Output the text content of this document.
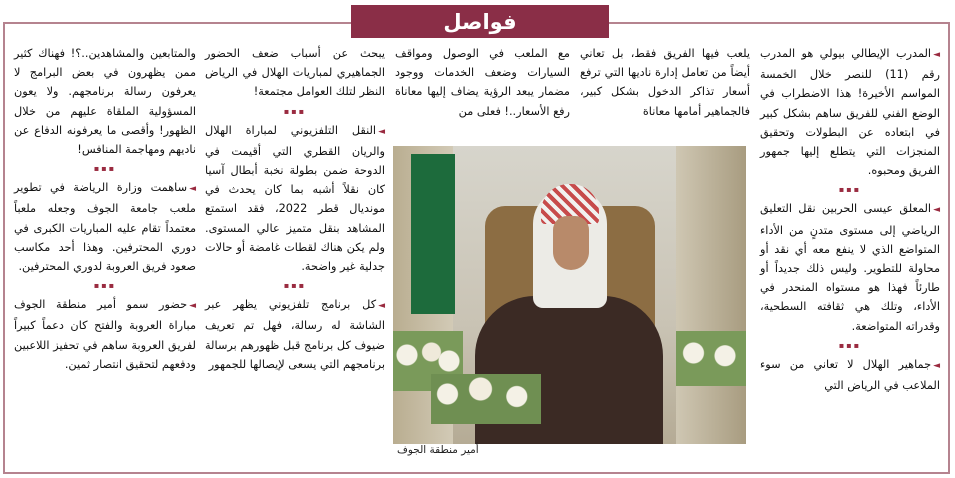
فواصل

◄المدرب الإيطالي بيولي هو المدرب رقم (11) للنصر خلال الخمسة المواسم الأخيرة! هذا الاضطراب في الوضع الفني للفريق ساهم بشكل كبير في ابتعاده عن البطولات وتحقيق المنجزات التي يتطلع إليها جمهور الفريق ومحبوه.

▪▪▪

◄المعلق عيسى الحربين نقل التعليق الرياضي إلى مستوى متدنٍ من الأداء المتواضع الذي لا ينفع معه أي نقد أو محاولة للتطوير. وليس ذلك جديداً أو طارئاً فهذا هو مستواه المنحدر في الأداء، وتلك هي ثقافته السطحية، وقدراته المتواضعة.

▪▪▪

◄جماهير الهلال لا تعاني من سوء الملاعب في الرياض التي

يلعب فيها الفريق فقط، بل تعاني أيضاً من تعامل إدارة ناديها التي ترفع أسعار تذاكر الدخول بشكل كبير، فالجماهير أمامها معاناة

مع الملعب في الوصول ومواقف السيارات وضعف الخدمات ووجود مضمار يبعد الرؤية يضاف إليها معاناة رفع الأسعار..! فعلى من

أمير منطقة الجوف

يبحث عن أسباب ضعف الحضور الجماهيري لمباريات الهلال في الرياض النظر لتلك العوامل مجتمعة!

▪▪▪

◄النقل التلفزيوني لمباراة الهلال والريان القطري التي أقيمت في الدوحة ضمن بطولة نخبة أبطال آسيا كان نقلاً أشبه بما كان يحدث في مونديال قطر 2022، فقد استمتع المشاهد بنقل متميز عالي المستوى. ولم يكن هناك لقطات غامضة أو حالات جدلية غير واضحة.

▪▪▪

◄كل برنامج تلفزيوني يظهر عبر الشاشة له رسالة، فهل تم تعريف ضيوف كل برنامج قبل ظهورهم برسالة برنامجهم التي يسعى لإيصالها للجمهور

والمتابعين والمشاهدين..؟! فهناك كثير ممن يظهرون في بعض البرامج لا يعرفون رسالة برنامجهم. ولا يعون المسؤولية الملقاة عليهم من خلال الظهور! وأقصى ما يعرفونه الدفاع عن ناديهم ومهاجمة المنافس!

▪▪▪

◄ساهمت وزارة الرياضة في تطوير ملعب جامعة الجوف وجعله ملعباً معتمداً تقام عليه المباريات الكبرى في دوري المحترفين. وهذا أحد مكاسب صعود فريق العروبة لدوري المحترفين.

▪▪▪

◄حضور سمو أمير منطقة الجوف مباراة العروبة والفتح كان دعماً كبيراً لفريق العروبة ساهم في تحفيز اللاعبين ودفعهم لتحقيق انتصار ثمين.
